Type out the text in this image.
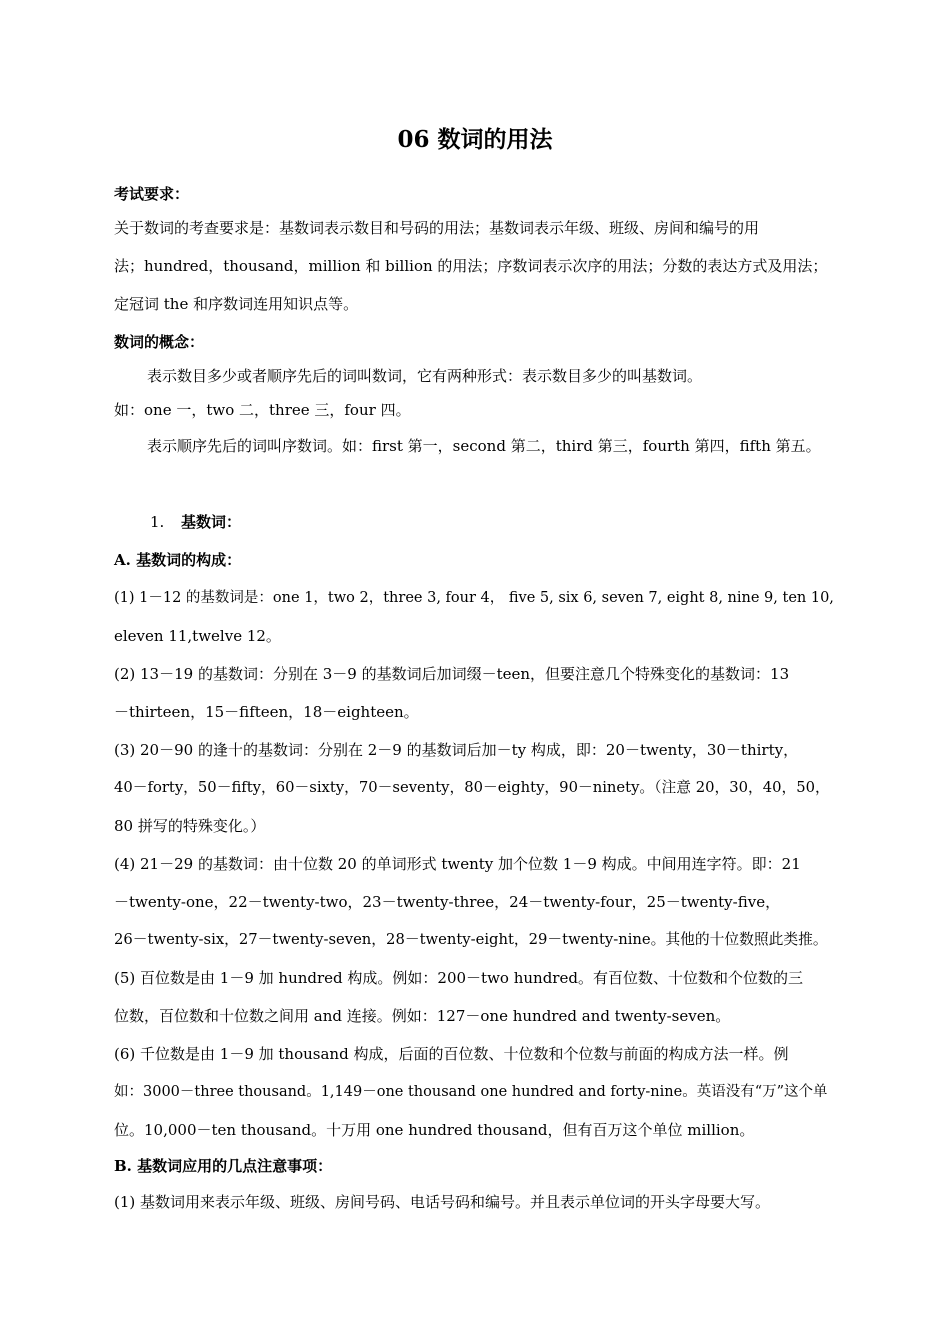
06 数词的用法
考试要求：
关于数词的考查要求是：基数词表示数目和号码的用法；基数词表示年级、班级、房间和编号的用
法；hundred，thousand，million 和 billion 的用法；序数词表示次序的用法；分数的表达方式及用法；
定冠词 the 和序数词连用知识点等。
数词的概念：
表示数目多少或者顺序先后的词叫数词，它有两种形式：表示数目多少的叫基数词。
如：one 一，two 二，three 三，four 四。
表示顺序先后的词叫序数词。如：first 第一，second 第二，third 第三，fourth 第四，fifth 第五。
1. 基数词：
A. 基数词的构成：
(1) 1－12 的基数词是：one 1，two 2，three 3, four 4， five 5, six 6, seven 7, eight 8, nine 9, ten 10,
eleven 11,twelve 12。
(2) 13－19 的基数词：分别在 3－9 的基数词后加词缀－teen，但要注意几个特殊变化的基数词：13
－thirteen，15－fifteen，18－eighteen。
(3) 20－90 的逢十的基数词：分别在 2－9 的基数词后加－ty 构成，即：20－twenty，30－thirty，
40－forty，50－fifty，60－sixty，70－seventy，80－eighty，90－ninety。（注意 20，30，40，50，
80 拼写的特殊变化。）
(4) 21－29 的基数词：由十位数 20 的单词形式 twenty 加个位数 1－9 构成。中间用连字符。即：21
－twenty-one，22－twenty-two，23－twenty-three，24－twenty-four，25－twenty-five，
26－twenty-six，27－twenty-seven，28－twenty-eight，29－twenty-nine。其他的十位数照此类推。
(5) 百位数是由 1－9 加 hundred 构成。例如：200－two hundred。有百位数、十位数和个位数的三
位数，百位数和十位数之间用 and 连接。例如：127－one hundred and twenty-seven。
(6) 千位数是由 1－9 加 thousand 构成，后面的百位数、十位数和个位数与前面的构成方法一样。例
如：3000－three thousand。1,149－one thousand one hundred and forty-nine。英语没有“万”这个单
位。10,000－ten thousand。十万用 one hundred thousand，但有百万这个单位 million。
B. 基数词应用的几点注意事项：
(1) 基数词用来表示年级、班级、房间号码、电话号码和编号。并且表示单位词的开头字母要大写。
